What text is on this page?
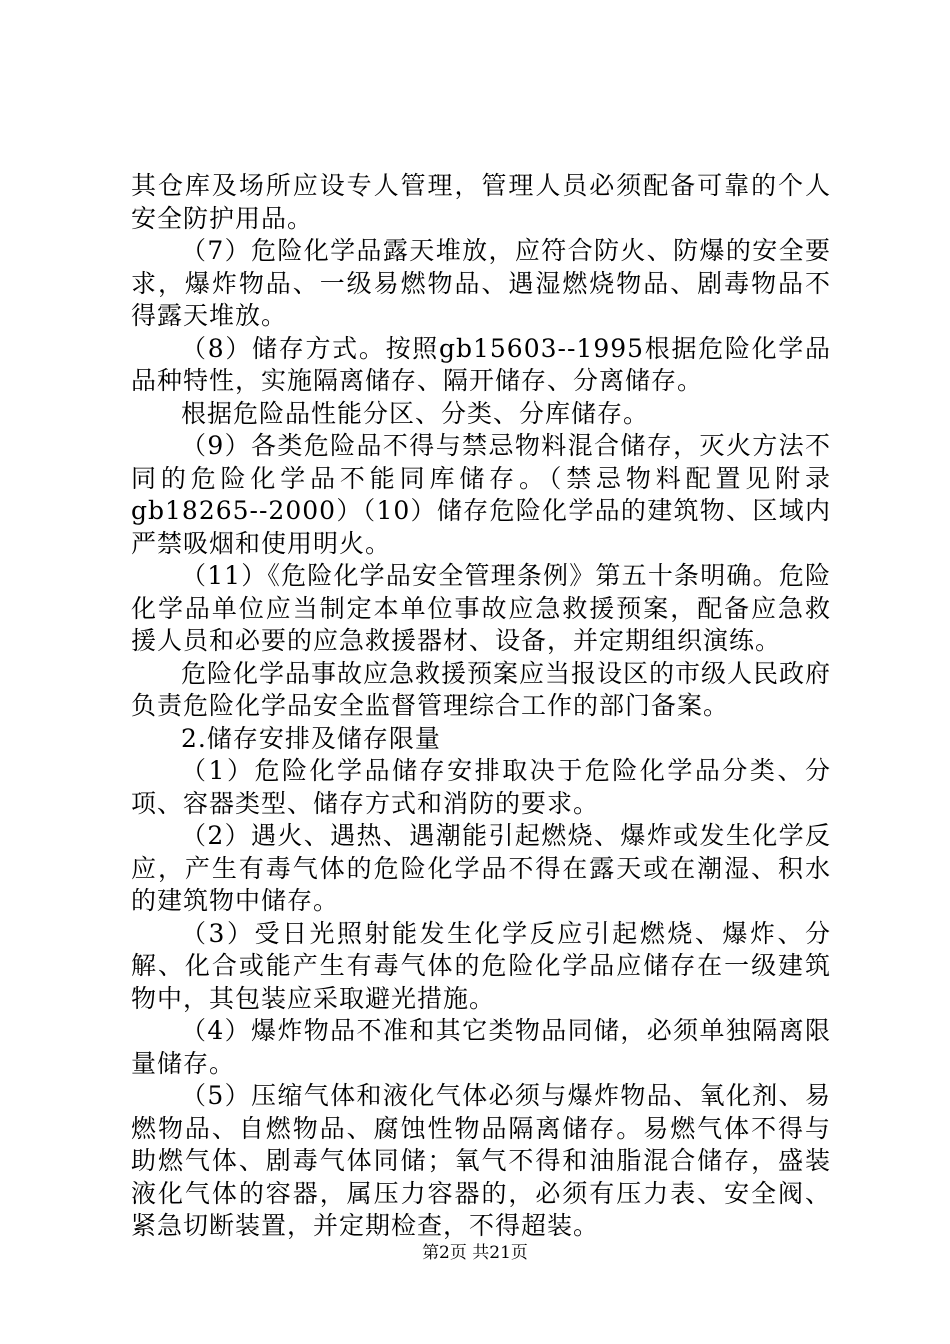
其仓库及场所应设专人管理，管理人员必须配备可靠的个人安全防护用品。

（7）危险化学品露天堆放，应符合防火、防爆的安全要求，爆炸物品、一级易燃物品、遇湿燃烧物品、剧毒物品不得露天堆放。

（8）储存方式。按照gb15603--1995根据危险化学品品种特性，实施隔离储存、隔开储存、分离储存。

根据危险品性能分区、分类、分库储存。

（9）各类危险品不得与禁忌物料混合储存，灭火方法不同的危险化学品不能同库储存。（禁忌物料配置见附录gb18265--2000）（10）储存危险化学品的建筑物、区域内严禁吸烟和使用明火。

（11）《危险化学品安全管理条例》第五十条明确。危险化学品单位应当制定本单位事故应急救援预案，配备应急救援人员和必要的应急救援器材、设备，并定期组织演练。

危险化学品事故应急救援预案应当报设区的市级人民政府负责危险化学品安全监督管理综合工作的部门备案。

2.储存安排及储存限量

（1）危险化学品储存安排取决于危险化学品分类、分项、容器类型、储存方式和消防的要求。

（2）遇火、遇热、遇潮能引起燃烧、爆炸或发生化学反应，产生有毒气体的危险化学品不得在露天或在潮湿、积水的建筑物中储存。

（3）受日光照射能发生化学反应引起燃烧、爆炸、分解、化合或能产生有毒气体的危险化学品应储存在一级建筑物中，其包装应采取避光措施。

（4）爆炸物品不准和其它类物品同储，必须单独隔离限量储存。

（5）压缩气体和液化气体必须与爆炸物品、氧化剂、易燃物品、自燃物品、腐蚀性物品隔离储存。易燃气体不得与助燃气体、剧毒气体同储；氧气不得和油脂混合储存，盛装液化气体的容器，属压力容器的，必须有压力表、安全阀、紧急切断装置，并定期检查，不得超装。

第2页 共21页
